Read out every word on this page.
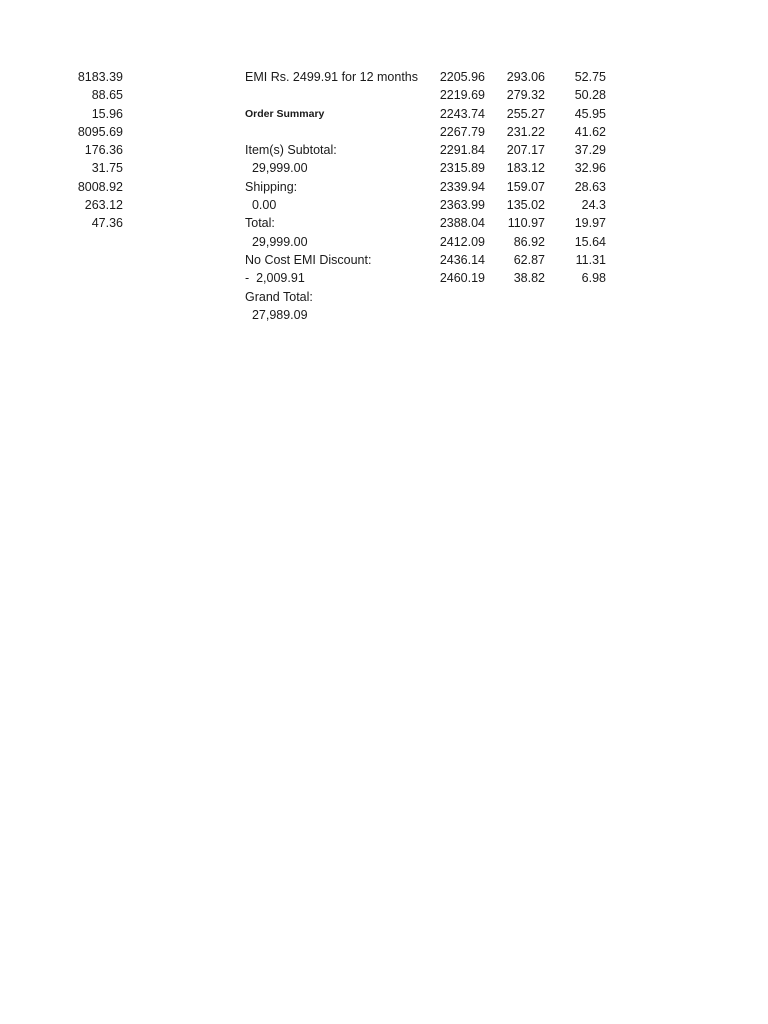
8183.39
88.65
15.96
8095.69
176.36
31.75
8008.92
263.12
47.36
EMI Rs. 2499.91 for 12 months
Order Summary
Item(s) Subtotal:
29,999.00
Shipping:
0.00
Total:
29,999.00
No Cost EMI Discount:
-  2,009.91
Grand Total:
27,989.09
2205.96
2219.69
2243.74
2267.79
2291.84
2315.89
2339.94
2363.99
2388.04
2412.09
2436.14
2460.19
293.06
279.32
255.27
231.22
207.17
183.12
159.07
135.02
110.97
86.92
62.87
38.82
52.75
50.28
45.95
41.62
37.29
32.96
28.63
24.3
19.97
15.64
11.31
6.98
